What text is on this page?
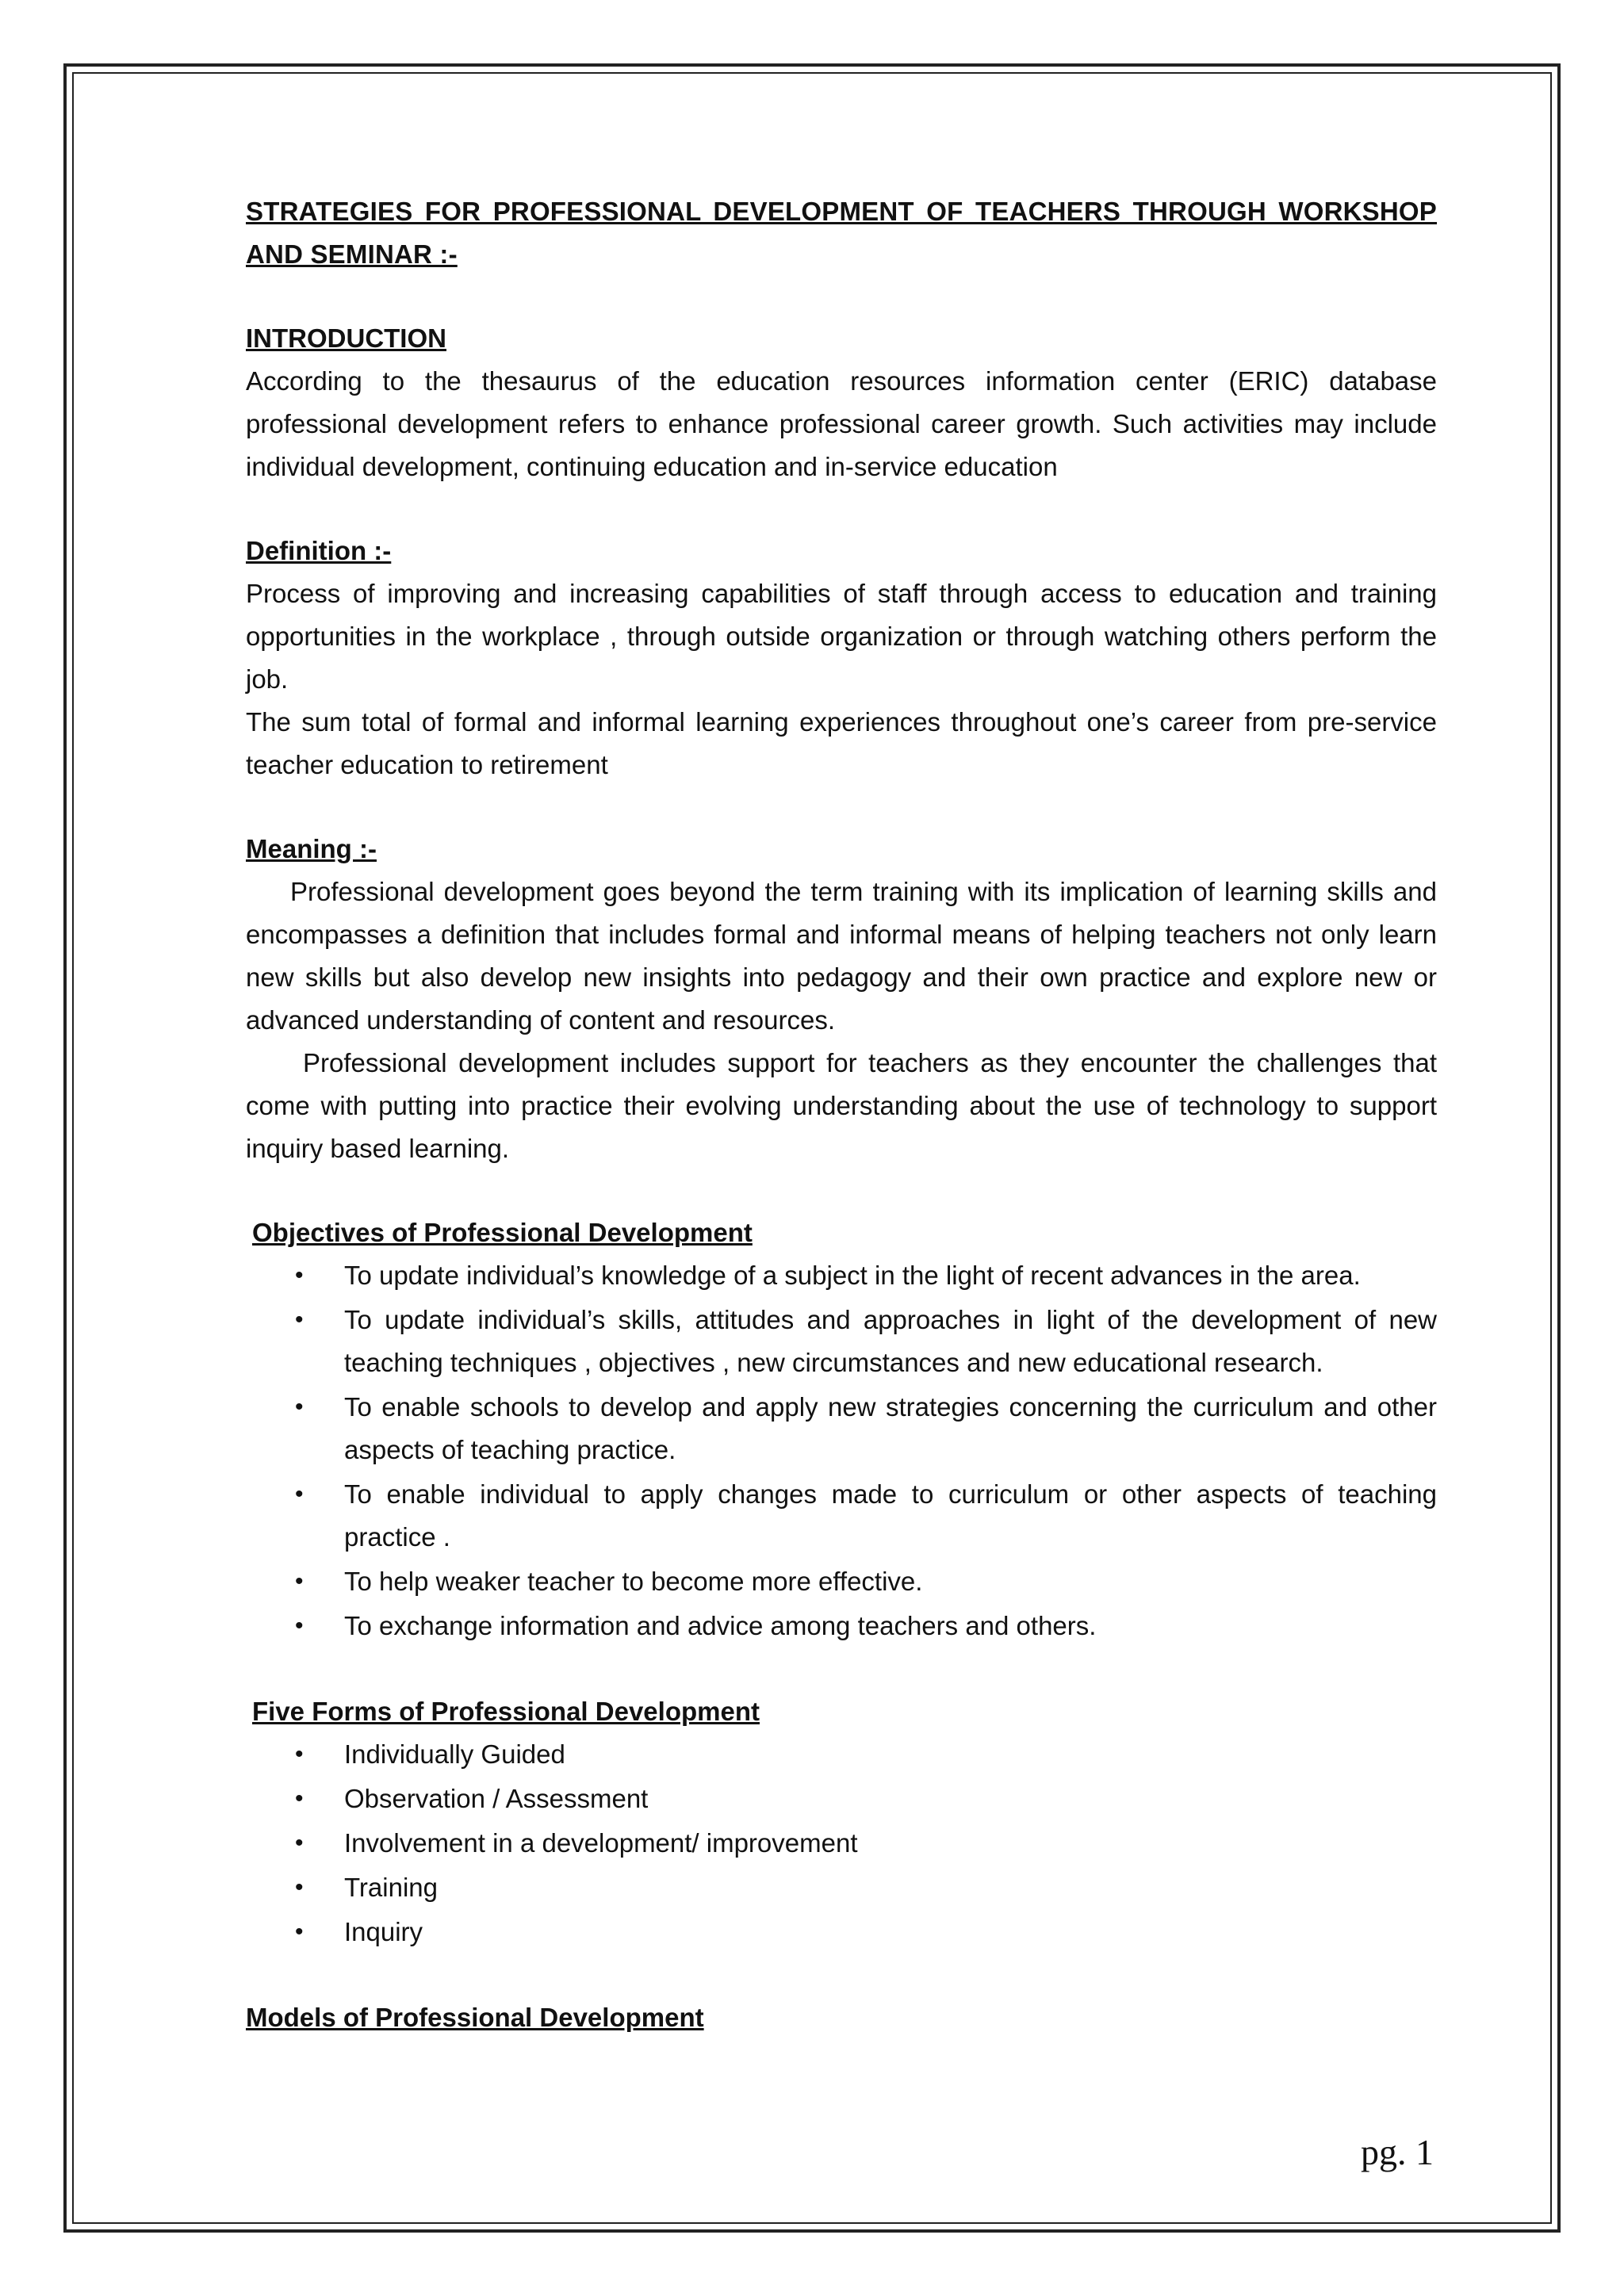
STRATEGIES FOR PROFESSIONAL DEVELOPMENT OF TEACHERS THROUGH WORKSHOP AND SEMINAR :-

INTRODUCTION

According to the thesaurus of the education resources information center (ERIC) database professional development refers to enhance professional career growth. Such activities may include individual development, continuing education and in-service education

Definition :-

Process of improving and increasing capabilities of staff through access to education and training opportunities in the workplace , through outside organization or through watching others perform the job.

The sum total of formal and informal learning experiences throughout one’s career from pre-service teacher education to retirement

Meaning :-

Professional development goes beyond the term training with its implication of learning skills and encompasses a definition that includes formal and informal means of helping teachers not only learn new skills but also develop new insights into pedagogy and their own practice and explore new or advanced understanding of content and resources.

Professional development includes support for teachers as they encounter the challenges that come with putting into practice their evolving understanding about the use of technology to support inquiry based learning.

Objectives of Professional Development

• To update individual’s knowledge of a subject in the light of recent advances in the area.
• To update individual’s skills, attitudes and approaches in light of the development of new teaching techniques , objectives , new circumstances and new educational research.
• To enable schools to develop and apply new strategies concerning the curriculum and other aspects of teaching practice.
• To enable individual to apply changes made to curriculum or other aspects of teaching practice .
• To help weaker teacher to become more effective.
• To exchange information and advice among teachers and others.

Five Forms of Professional Development

• Individually Guided
• Observation / Assessment
• Involvement in a development/ improvement
• Training
• Inquiry

Models of Professional Development

pg. 1
